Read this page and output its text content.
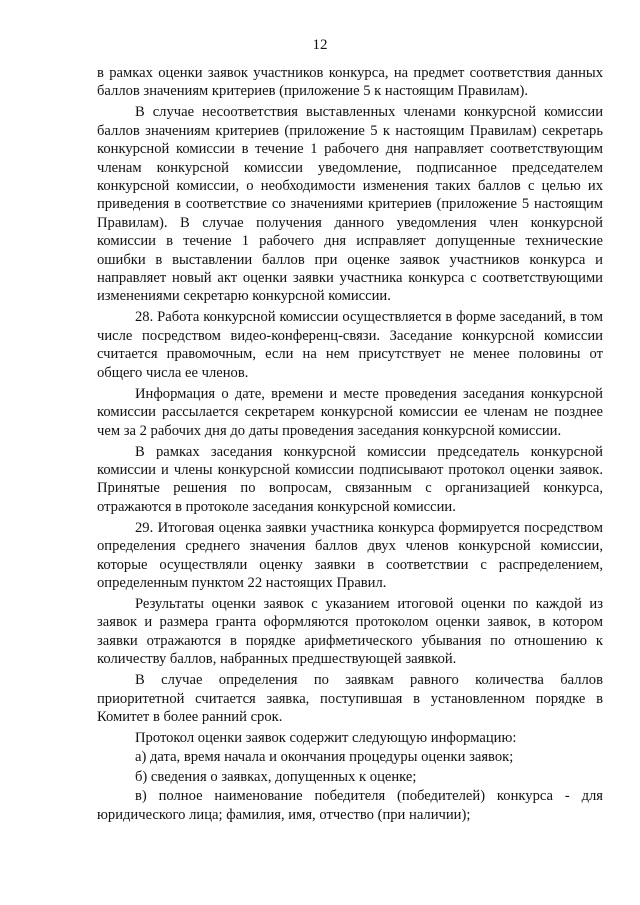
12

в рамках оценки заявок участников конкурса, на предмет соответствия данных баллов значениям критериев (приложение 5 к настоящим Правилам).

В случае несоответствия выставленных членами конкурсной комиссии баллов значениям критериев (приложение 5 к настоящим Правилам) секретарь конкурсной комиссии в течение 1 рабочего дня направляет соответствующим членам конкурсной комиссии уведомление, подписанное председателем конкурсной комиссии, о необходимости изменения таких баллов с целью их приведения в соответствие со значениями критериев (приложение 5 настоящим Правилам). В случае получения данного уведомления член конкурсной комиссии в течение 1 рабочего дня исправляет допущенные технические ошибки в выставлении баллов при оценке заявок участников конкурса и направляет новый акт оценки заявки участника конкурса с соответствующими изменениями секретарю конкурсной комиссии.

28. Работа конкурсной комиссии осуществляется в форме заседаний, в том числе посредством видео-конференц-связи. Заседание конкурсной комиссии считается правомочным, если на нем присутствует не менее половины от общего числа ее членов.

Информация о дате, времени и месте проведения заседания конкурсной комиссии рассылается секретарем конкурсной комиссии ее членам не позднее чем за 2 рабочих дня до даты проведения заседания конкурсной комиссии.

В рамках заседания конкурсной комиссии председатель конкурсной комиссии и члены конкурсной комиссии подписывают протокол оценки заявок. Принятые решения по вопросам, связанным с организацией конкурса, отражаются в протоколе заседания конкурсной комиссии.

29. Итоговая оценка заявки участника конкурса формируется посредством определения среднего значения баллов двух членов конкурсной комиссии, которые осуществляли оценку заявки в соответствии с распределением, определенным пунктом 22 настоящих Правил.

Результаты оценки заявок с указанием итоговой оценки по каждой из заявок и размера гранта оформляются протоколом оценки заявок, в котором заявки отражаются в порядке арифметического убывания по отношению к количеству баллов, набранных предшествующей заявкой.

В случае определения по заявкам равного количества баллов приоритетной считается заявка, поступившая в установленном порядке в Комитет в более ранний срок.

Протокол оценки заявок содержит следующую информацию:

а) дата, время начала и окончания процедуры оценки заявок;

б) сведения о заявках, допущенных к оценке;

в) полное наименование победителя (победителей) конкурса - для юридического лица; фамилия, имя, отчество (при наличии);
